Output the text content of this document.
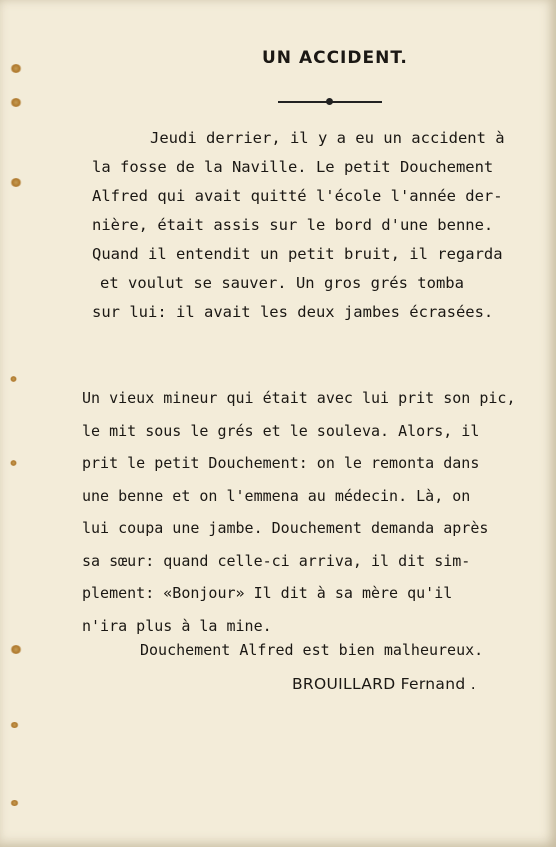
UN ACCIDENT.
Jeudi derrier, il y a eu un accident à
la fosse de la Naville. Le petit Douchement
Alfred qui avait quitté l'école l'année der-
nière, était assis sur le bord d'une benne.
Quand il entendit un petit bruit, il regarda
et voulut se sauver. Un gros grés tomba
sur lui: il avait les deux jambes écrasées.
Un vieux mineur qui était avec lui prit son pic,
le mit sous le grés et le souleva. Alors, il
prit le petit Douchement: on le remonta dans
une benne et on l'emmena au médecin. Là, on
lui coupa une jambe. Douchement demanda après
sa sœur: quand celle-ci arriva, il dit sim-
plement: «Bonjour» Il dit à sa mère qu'il
n'ira plus à la mine.
Douchement Alfred est bien malheureux.
BROUILLARD Fernand .
